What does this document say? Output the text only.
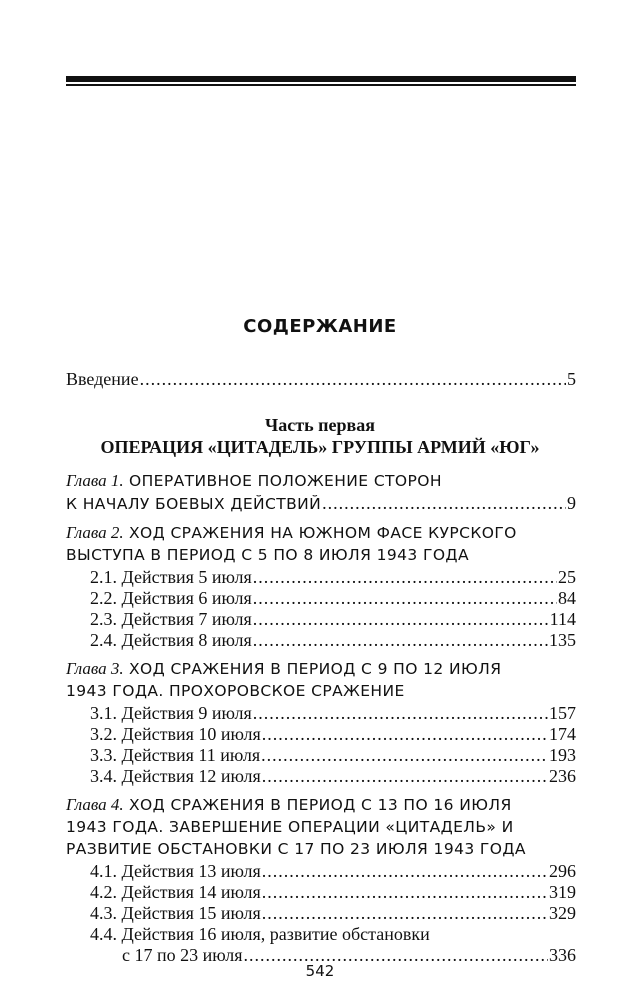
СОДЕРЖАНИЕ
Введение .....	5
Часть первая
ОПЕРАЦИЯ «ЦИТАДЕЛЬ» ГРУППЫ АРМИЙ «ЮГ»
Глава 1. ОПЕРАТИВНОЕ ПОЛОЖЕНИЕ СТОРОН
К НАЧАЛУ БОЕВЫХ ДЕЙСТВИЙ .....	9
Глава 2. ХОД СРАЖЕНИЯ НА ЮЖНОМ ФАСЕ КУРСКОГО
ВЫСТУПА В ПЕРИОД С 5 ПО 8 ИЮЛЯ 1943 ГОДА
2.1. Действия 5 июля .....	25
2.2. Действия 6 июля .....	84
2.3. Действия 7 июля .....	114
2.4. Действия 8 июля .....	135
Глава 3. ХОД СРАЖЕНИЯ В ПЕРИОД С 9 ПО 12 ИЮЛЯ
1943 ГОДА. ПРОХОРОВСКОЕ СРАЖЕНИЕ
3.1. Действия 9 июля .....	157
3.2. Действия 10 июля .....	174
3.3. Действия 11 июля .....	193
3.4. Действия 12 июля .....	236
Глава 4. ХОД СРАЖЕНИЯ В ПЕРИОД С 13 ПО 16 ИЮЛЯ
1943 ГОДА. ЗАВЕРШЕНИЕ ОПЕРАЦИИ «ЦИТАДЕЛЬ» И
РАЗВИТИЕ ОБСТАНОВКИ С 17 ПО 23 ИЮЛЯ 1943 ГОДА
4.1. Действия 13 июля .....	296
4.2. Действия 14 июля .....	319
4.3. Действия 15 июля .....	329
4.4. Действия 16 июля, развитие обстановки
с 17 по 23 июля .....	336
542
